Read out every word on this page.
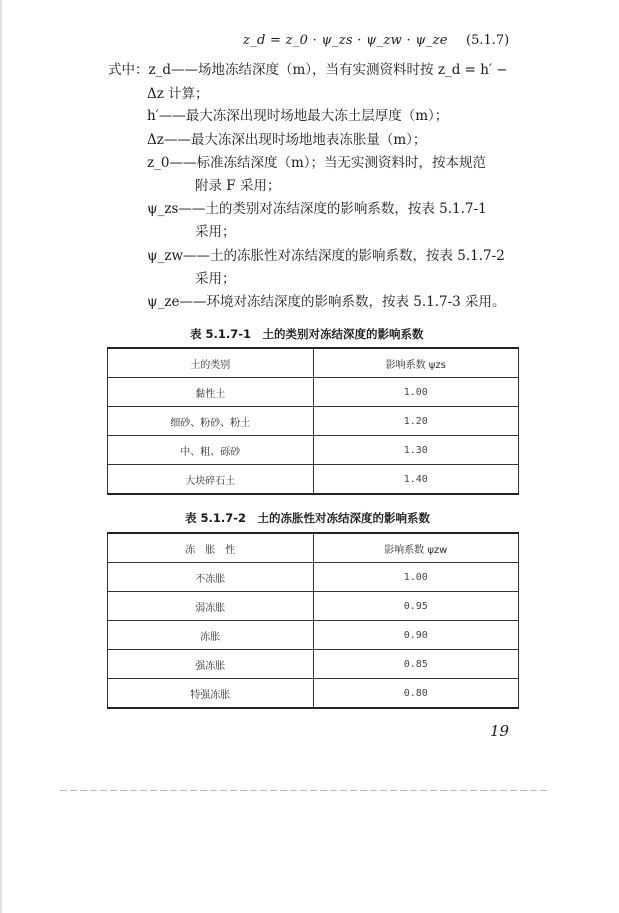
z_d = z_0 · ψ_zs · ψ_zw · ψ_ze (5.1.7)
式中：z_d——场地冻结深度（m），当有实测资料时按 z_d = h′ −
Δz 计算；
h′——最大冻深出现时场地最大冻土层厚度（m）；
Δz——最大冻深出现时场地地表冻胀量（m）；
z_0——标准冻结深度（m）；当无实测资料时，按本规范
附录 F 采用；
ψ_zs——土的类别对冻结深度的影响系数，按表 5.1.7-1
采用；
ψ_zw——土的冻胀性对冻结深度的影响系数，按表 5.1.7-2
采用；
ψ_ze——环境对冻结深度的影响系数，按表 5.1.7-3 采用。
表 5.1.7-1　土的类别对冻结深度的影响系数
土的类别	影响系数 ψzs
黏性土	1.00
细砂、粉砂、粉土	1.20
中、粗、砾砂	1.30
大块碎石土	1.40
表 5.1.7-2　土的冻胀性对冻结深度的影响系数
冻　胀　性	影响系数 ψzw
不冻胀	1.00
弱冻胀	0.95
冻胀	0.90
强冻胀	0.85
特强冻胀	0.80
19
